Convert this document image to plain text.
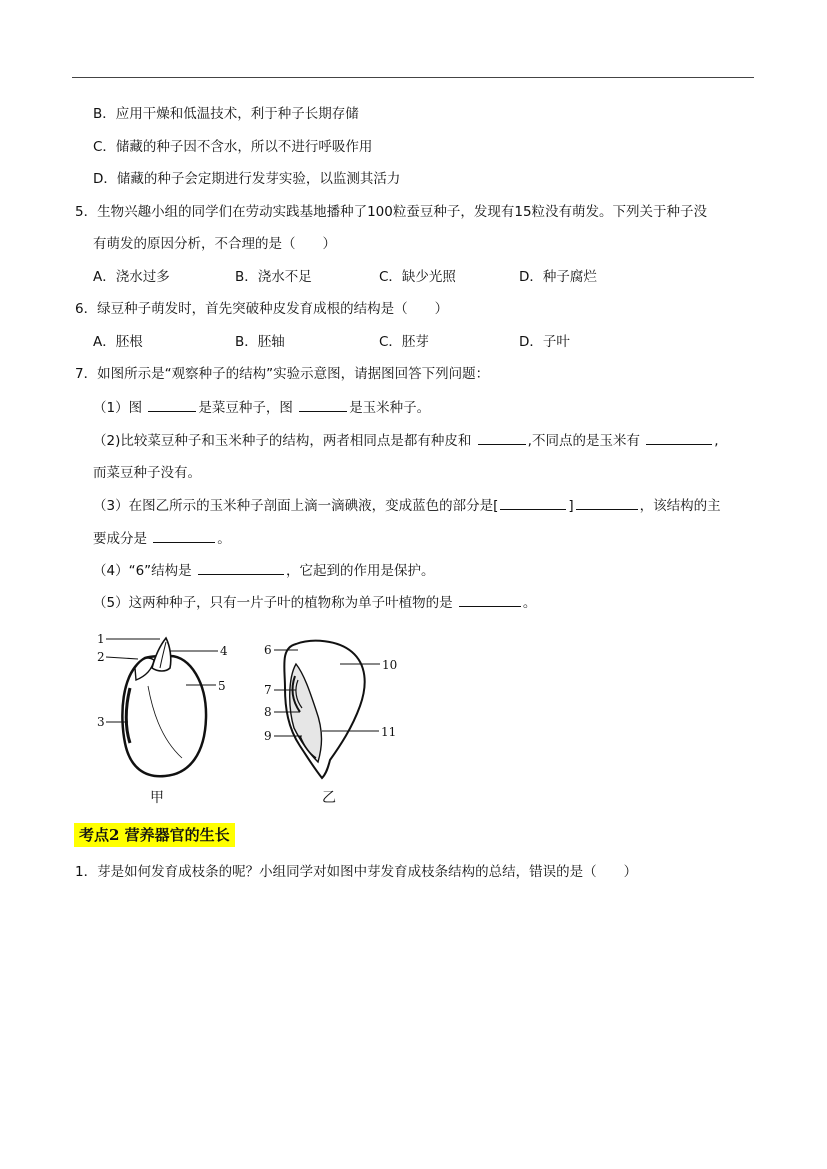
B．应用干燥和低温技术，利于种子长期存储
C．储藏的种子因不含水，所以不进行呼吸作用
D．储藏的种子会定期进行发芽实验，以监测其活力
5．生物兴趣小组的同学们在劳动实践基地播种了100粒蚕豆种子，发现有15粒没有萌发。下列关于种子没
有萌发的原因分析，不合理的是（　　）
A．浇水过多	B．浇水不足	C．缺少光照	D．种子腐烂
6．绿豆种子萌发时，首先突破种皮发育成根的结构是（　　）
A．胚根	B．胚轴	C．胚芽	D．子叶
7．如图所示是“观察种子的结构”实验示意图，请据图回答下列问题：
（1）图	是菜豆种子，图	是玉米种子。
（2)比较菜豆种子和玉米种子的结构，两者相同点是都有种皮和	,不同点的是玉米有	,
而菜豆种子没有。
（3）在图乙所示的玉米种子剖面上滴一滴碘液，变成蓝色的部分是[	]	，该结构的主
要成分是	。
（4）“6”结构是	，它起到的作用是保护。
（5）这两种种子，只有一片子叶的植物称为单子叶植物的是	。
1
2
3
4
5
6
7
8
9
10
11
甲	乙
考点2 营养器官的生长
1．芽是如何发育成枝条的呢？小组同学对如图中芽发育成枝条结构的总结，错误的是（　　）
